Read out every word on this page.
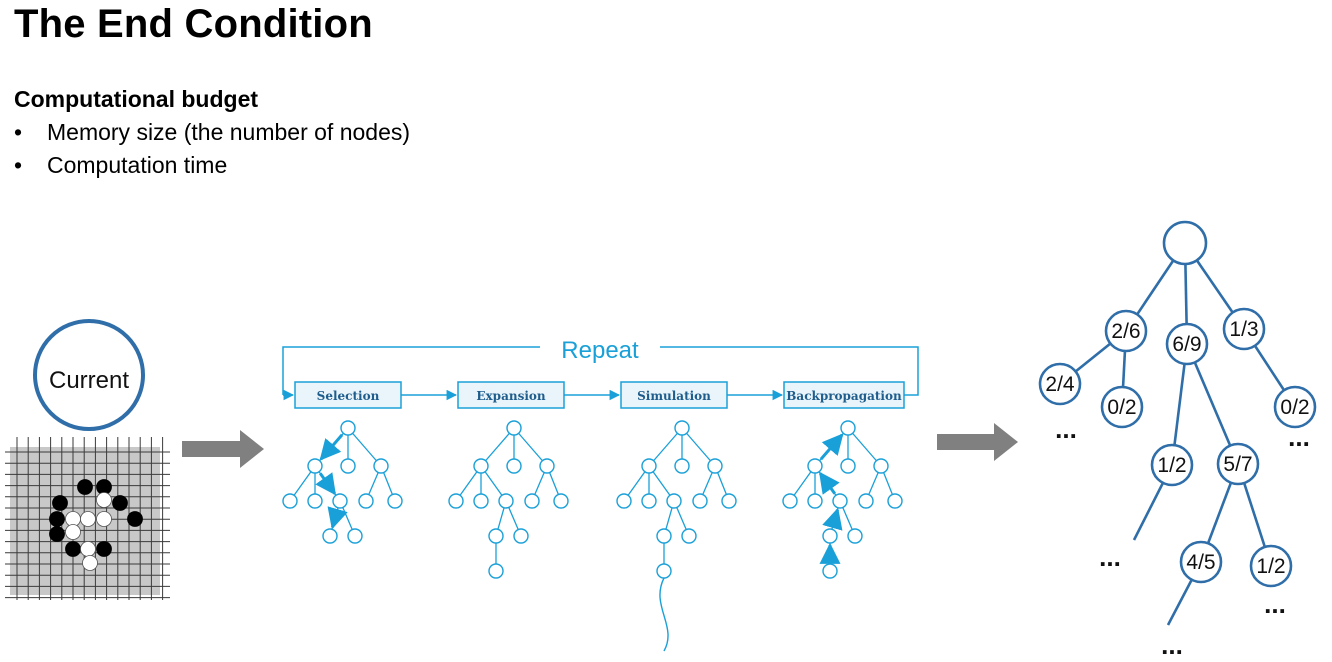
The End Condition
Computational budget
• Memory size (the number of nodes)
• Computation time
Current
Repeat
Selection	Expansion	Simulation	Backpropagation
2/6
6/9
1/3
2/4
0/2	0/2
1/2 5/7
4/5 1/2
...	...
...
...
...
